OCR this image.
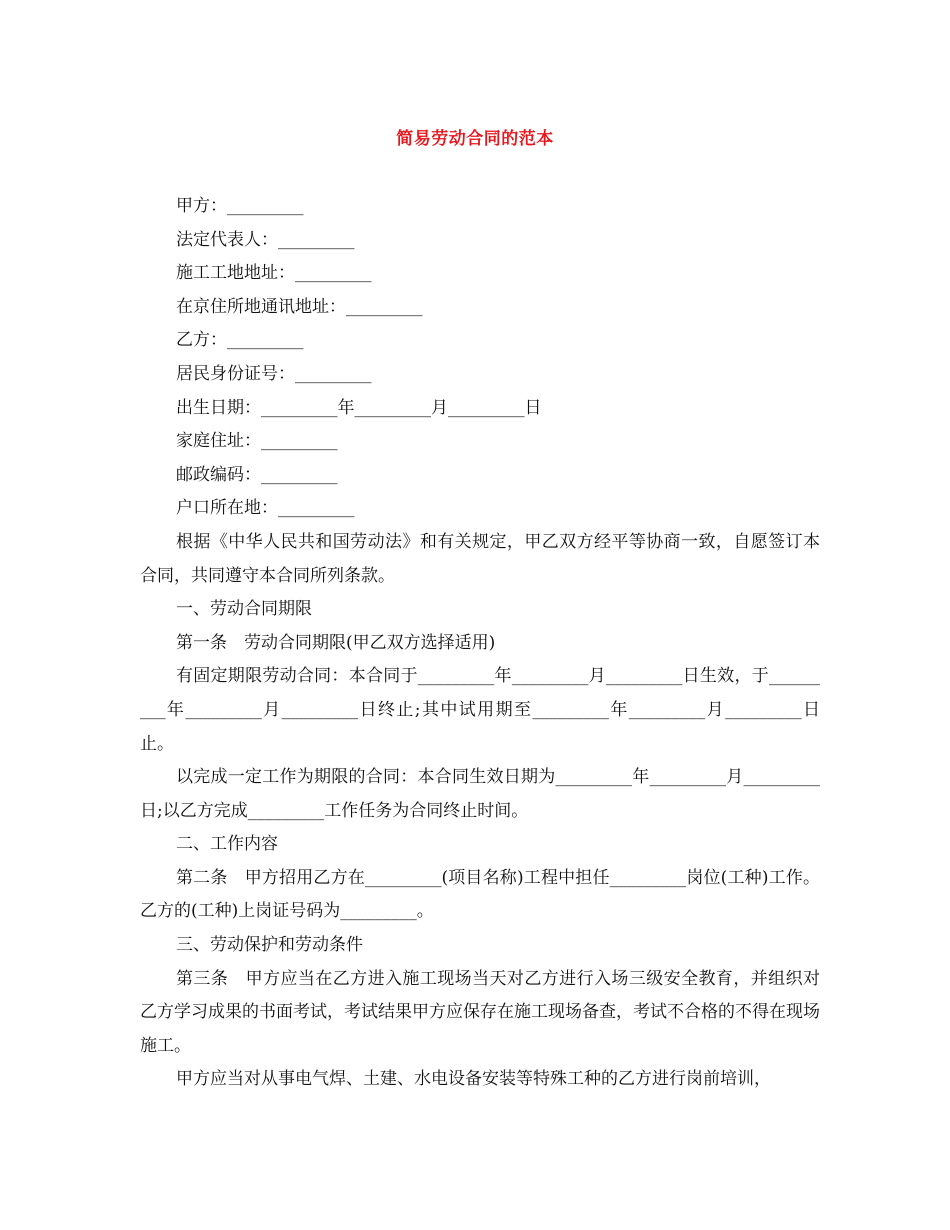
简易劳动合同的范本

甲方：_________

法定代表人：_________

施工工地地址：_________

在京住所地通讯地址：_________

乙方：_________

居民身份证号：_________

出生日期：_________年_________月_________日

家庭住址：_________

邮政编码：_________

户口所在地：_________

根据《中华人民共和国劳动法》和有关规定，甲乙双方经平等协商一致，自愿签订本合同，共同遵守本合同所列条款。

一、劳动合同期限

第一条　劳动合同期限(甲乙双方选择适用)

有固定期限劳动合同：本合同于_________年_________月_________日生效，于_________年_________月_________日终止;其中试用期至_________年_________月_________日止。

以完成一定工作为期限的合同：本合同生效日期为_________年_________月_________日;以乙方完成_________工作任务为合同终止时间。

二、工作内容

第二条　甲方招用乙方在_________(项目名称)工程中担任_________岗位(工种)工作。乙方的(工种)上岗证号码为_________。

三、劳动保护和劳动条件

第三条　甲方应当在乙方进入施工现场当天对乙方进行入场三级安全教育，并组织对乙方学习成果的书面考试，考试结果甲方应保存在施工现场备查，考试不合格的不得在现场施工。

甲方应当对从事电气焊、土建、水电设备安装等特殊工种的乙方进行岗前培训，
